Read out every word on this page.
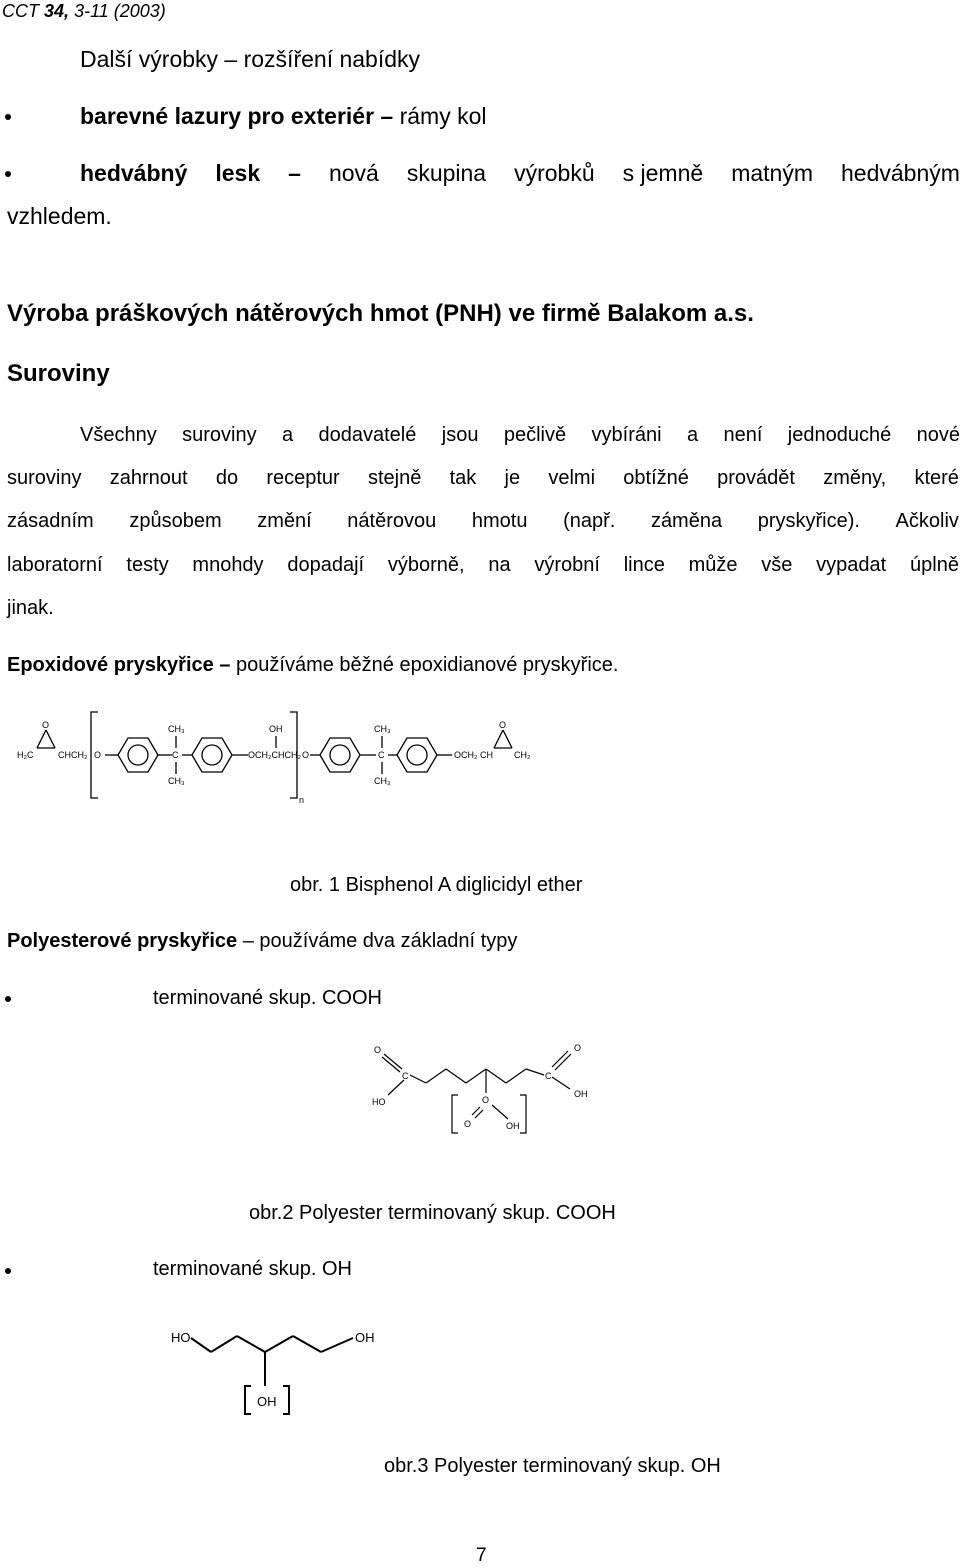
CCT 34, 3-11 (2003)
Další výrobky – rozšíření nabídky
barevné lazury pro exteriér – rámy kol
hedvábný lesk – nová skupina výrobků s jemně matným hedvábným
vzhledem.
Výroba práškových nátěrových hmot (PNH) ve firmě Balakom a.s.
Suroviny
Všechny suroviny a dodavatelé jsou pečlivě vybíráni a není jednoduché nové
suroviny zahrnout do receptur stejně tak je velmi obtížné provádět změny, které
zásadním způsobem změní nátěrovou hmotu (např. záměna pryskyřice). Ačkoliv
laboratorní testy mnohdy dopadají výborně, na výrobní lince může vše vypadat úplně
jinak.
Epoxidové pryskyřice – používáme běžné epoxidianové pryskyřice.
O
H₂C	CHCH₂ O
CH₃
C
CH₃
OH
OCH₂CHCH₂
n
O
CH₃
C
CH₃
O
OCH₂ CH CH₂
obr. 1 Bisphenol A diglicidyl ether
Polyesterové pryskyřice – používáme dva základní typy
terminované skup. COOH
O
C
HO
O
C
OH
O
O	OH
obr.2 Polyester terminovaný skup. COOH
terminované skup. OH
HO	OH
OH
obr.3 Polyester terminovaný skup. OH
7
